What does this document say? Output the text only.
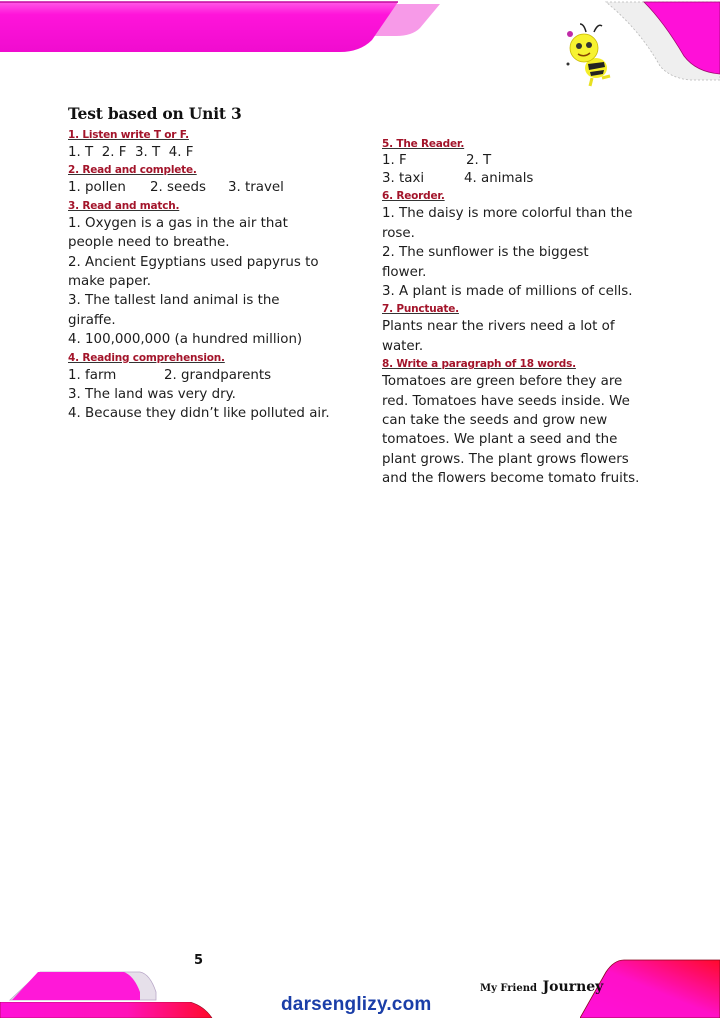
Test based on Unit 3
1. Listen write T or F.
1. T  2. F  3. T  4. F
2. Read and complete.
1. pollen	2. seeds	3. travel
3. Read and match.
1. Oxygen is a gas in the air that people need to breathe.
2. Ancient Egyptians used papyrus to make paper.
3. The tallest land animal is the giraffe.
4. 100,000,000 (a hundred million)
4. Reading comprehension.
1. farm	2. grandparents
3. The land was very dry.
4. Because they didn’t like polluted air.
5. The Reader.
1. F	2. T
3. taxi	4. animals
6. Reorder.
1. The daisy is more colorful than the rose.
2. The sunflower is the biggest flower.
3. A plant is made of millions of cells.
7. Punctuate.
Plants near the rivers need a lot of water.
8. Write a paragraph of 18 words.
Tomatoes are green before they are red. Tomatoes have seeds inside. We can take the seeds and grow new tomatoes. We plant a seed and the plant grows. The plant grows flowers and the flowers become tomato fruits.
5
darsenglizy.com
My Friend Journey
